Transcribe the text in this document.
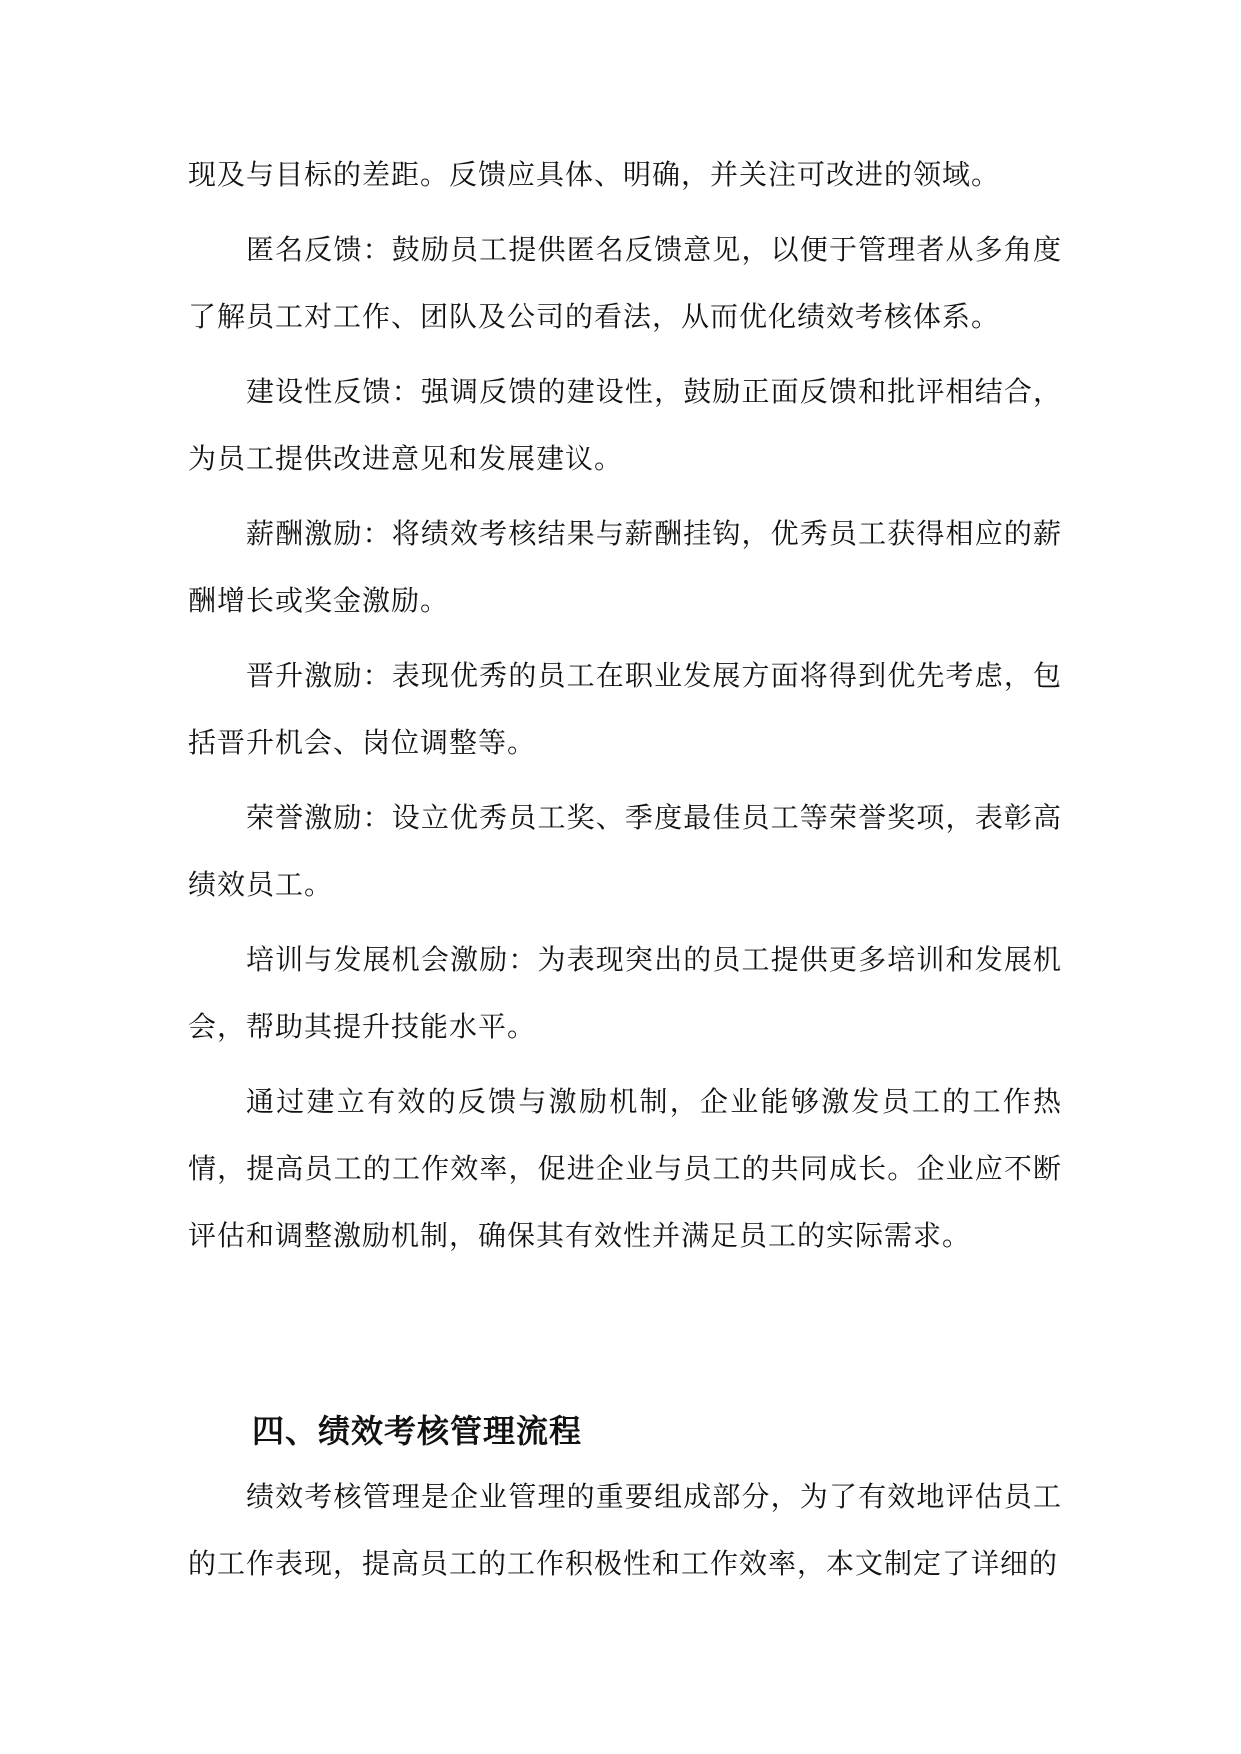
现及与目标的差距。反馈应具体、明确，并关注可改进的领域。

匿名反馈：鼓励员工提供匿名反馈意见，以便于管理者从多角度了解员工对工作、团队及公司的看法，从而优化绩效考核体系。

建设性反馈：强调反馈的建设性，鼓励正面反馈和批评相结合，为员工提供改进意见和发展建议。

薪酬激励：将绩效考核结果与薪酬挂钩，优秀员工获得相应的薪酬增长或奖金激励。

晋升激励：表现优秀的员工在职业发展方面将得到优先考虑，包括晋升机会、岗位调整等。

荣誉激励：设立优秀员工奖、季度最佳员工等荣誉奖项，表彰高绩效员工。

培训与发展机会激励：为表现突出的员工提供更多培训和发展机会，帮助其提升技能水平。

通过建立有效的反馈与激励机制，企业能够激发员工的工作热情，提高员工的工作效率，促进企业与员工的共同成长。企业应不断评估和调整激励机制，确保其有效性并满足员工的实际需求。

四、绩效考核管理流程

绩效考核管理是企业管理的重要组成部分，为了有效地评估员工的工作表现，提高员工的工作积极性和工作效率，本文制定了详细的
